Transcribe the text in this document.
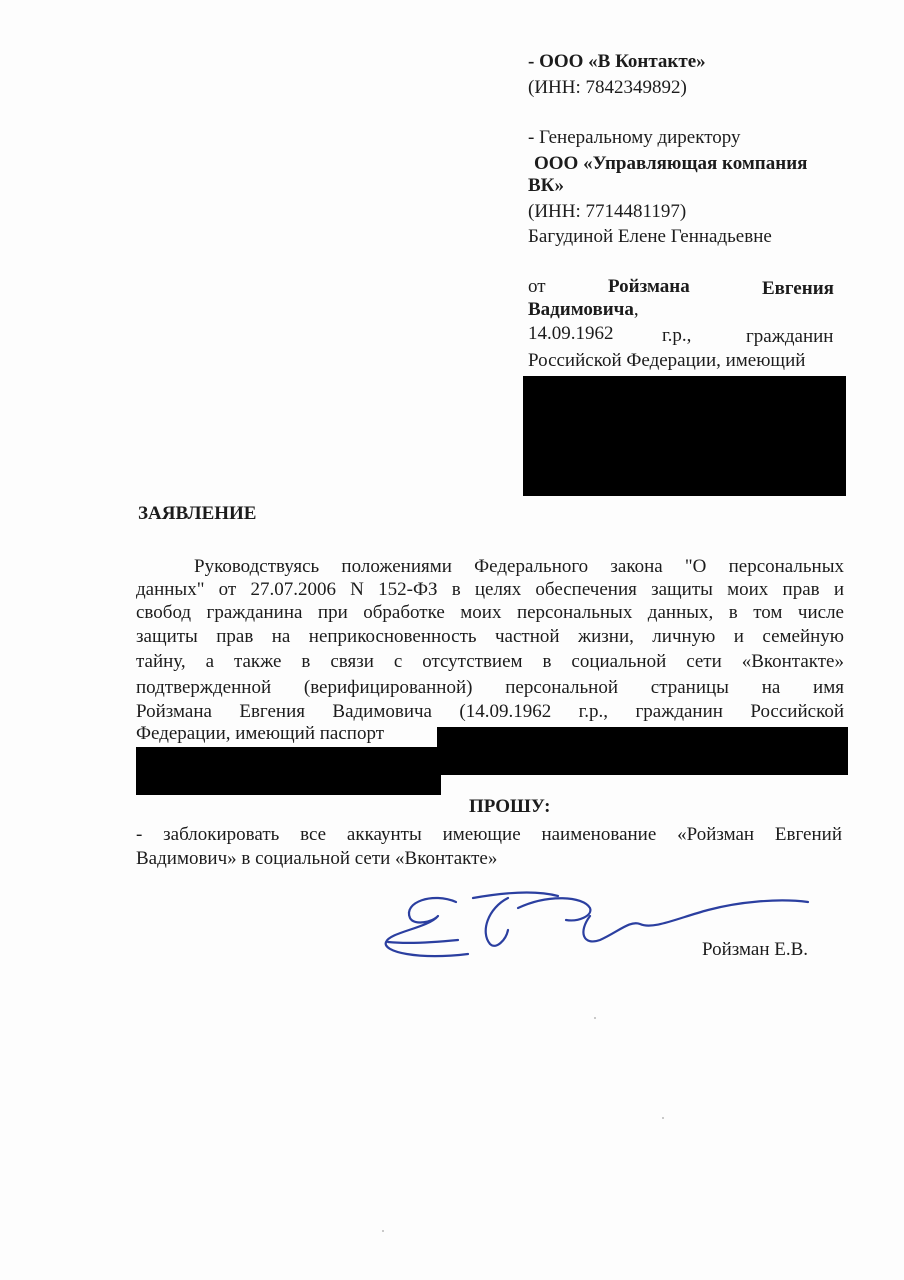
- ООО «В Контакте»

(ИНН: 7842349892)

- Генеральному директору

ООО «Управляющая компания

ВК»

(ИНН: 7714481197)

Багудиной Елене Геннадьевне

от	Ройзмана	Евгения

Вадимовича,

14.09.1962	г.р.,	гражданин

Российской Федерации, имеющий

ЗАЯВЛЕНИЕ

Руководствуясь положениями Федерального закона "О персональных

данных" от 27.07.2006 N 152-ФЗ в целях обеспечения защиты моих прав и

свобод гражданина при обработке моих персональных данных, в том числе

защиты прав на неприкосновенность частной жизни, личную и семейную

тайну, а также в связи с отсутствием в социальной сети «Вконтакте»

подтвержденной (верифицированной) персональной страницы на имя

Ройзмана Евгения Вадимовича (14.09.1962 г.р., гражданин Российской

Федерации, имеющий паспорт

ПРОШУ:

- заблокировать все аккаунты имеющие наименование «Ройзман Евгений

Вадимович» в социальной сети «Вконтакте»

Ройзман Е.В.
